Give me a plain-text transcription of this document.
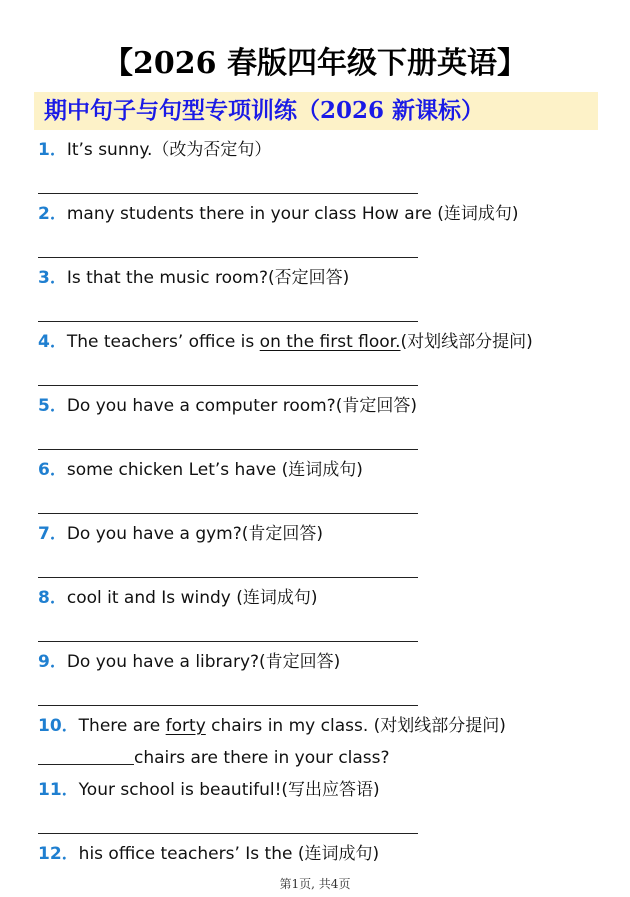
【2026 春版四年级下册英语】
期中句子与句型专项训练（2026 新课标）
1．It’s sunny.（改为否定句）
2．many students there in your class How are (连词成句)
3．Is that the music room?(否定回答)
4．The teachers’ office is on the first floor.(对划线部分提问)
5．Do you have a computer room?(肯定回答)
6．some chicken Let’s have (连词成句)
7．Do you have a gym?(肯定回答)
8．cool it and Is windy (连词成句)
9．Do you have a library?(肯定回答)
10．There are forty chairs in my class. (对划线部分提问)
chairs are there in your class?
11．Your school is beautiful!(写出应答语)
12．his office teachers’ Is the (连词成句)
第1页, 共4页
